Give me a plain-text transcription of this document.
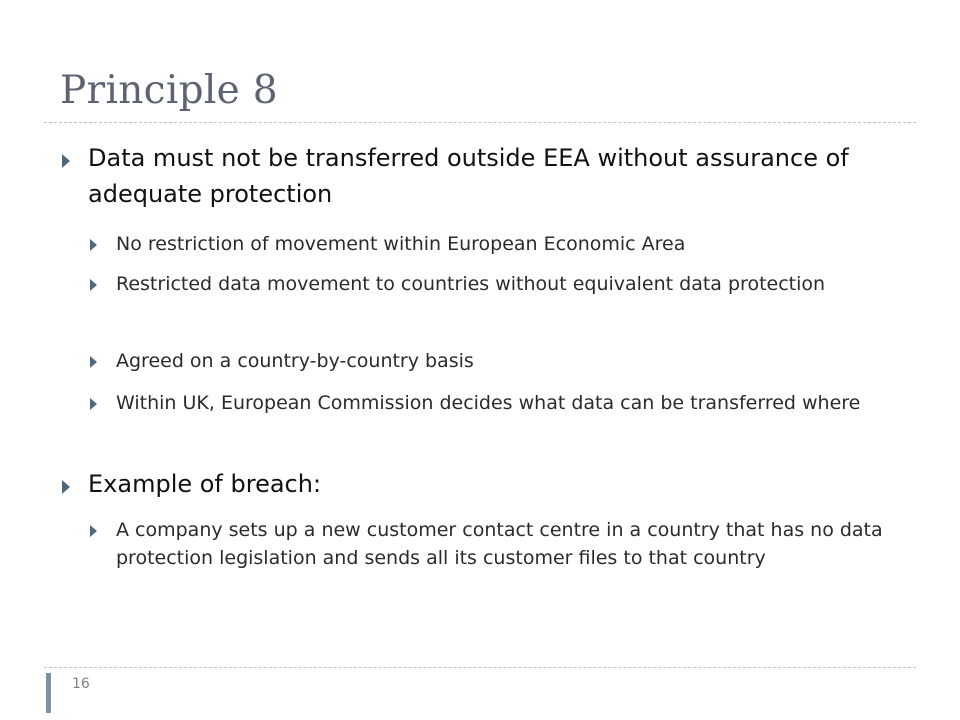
Principle 8

Data must not be transferred outside EEA without assurance of adequate protection

No restriction of movement within European Economic Area

Restricted data movement to countries without equivalent data protection

Agreed on a country-by-country basis

Within UK, European Commission decides what data can be transferred where

Example of breach:

A company sets up a new customer contact centre in a country that has no data protection legislation and sends all its customer files to that country

16
